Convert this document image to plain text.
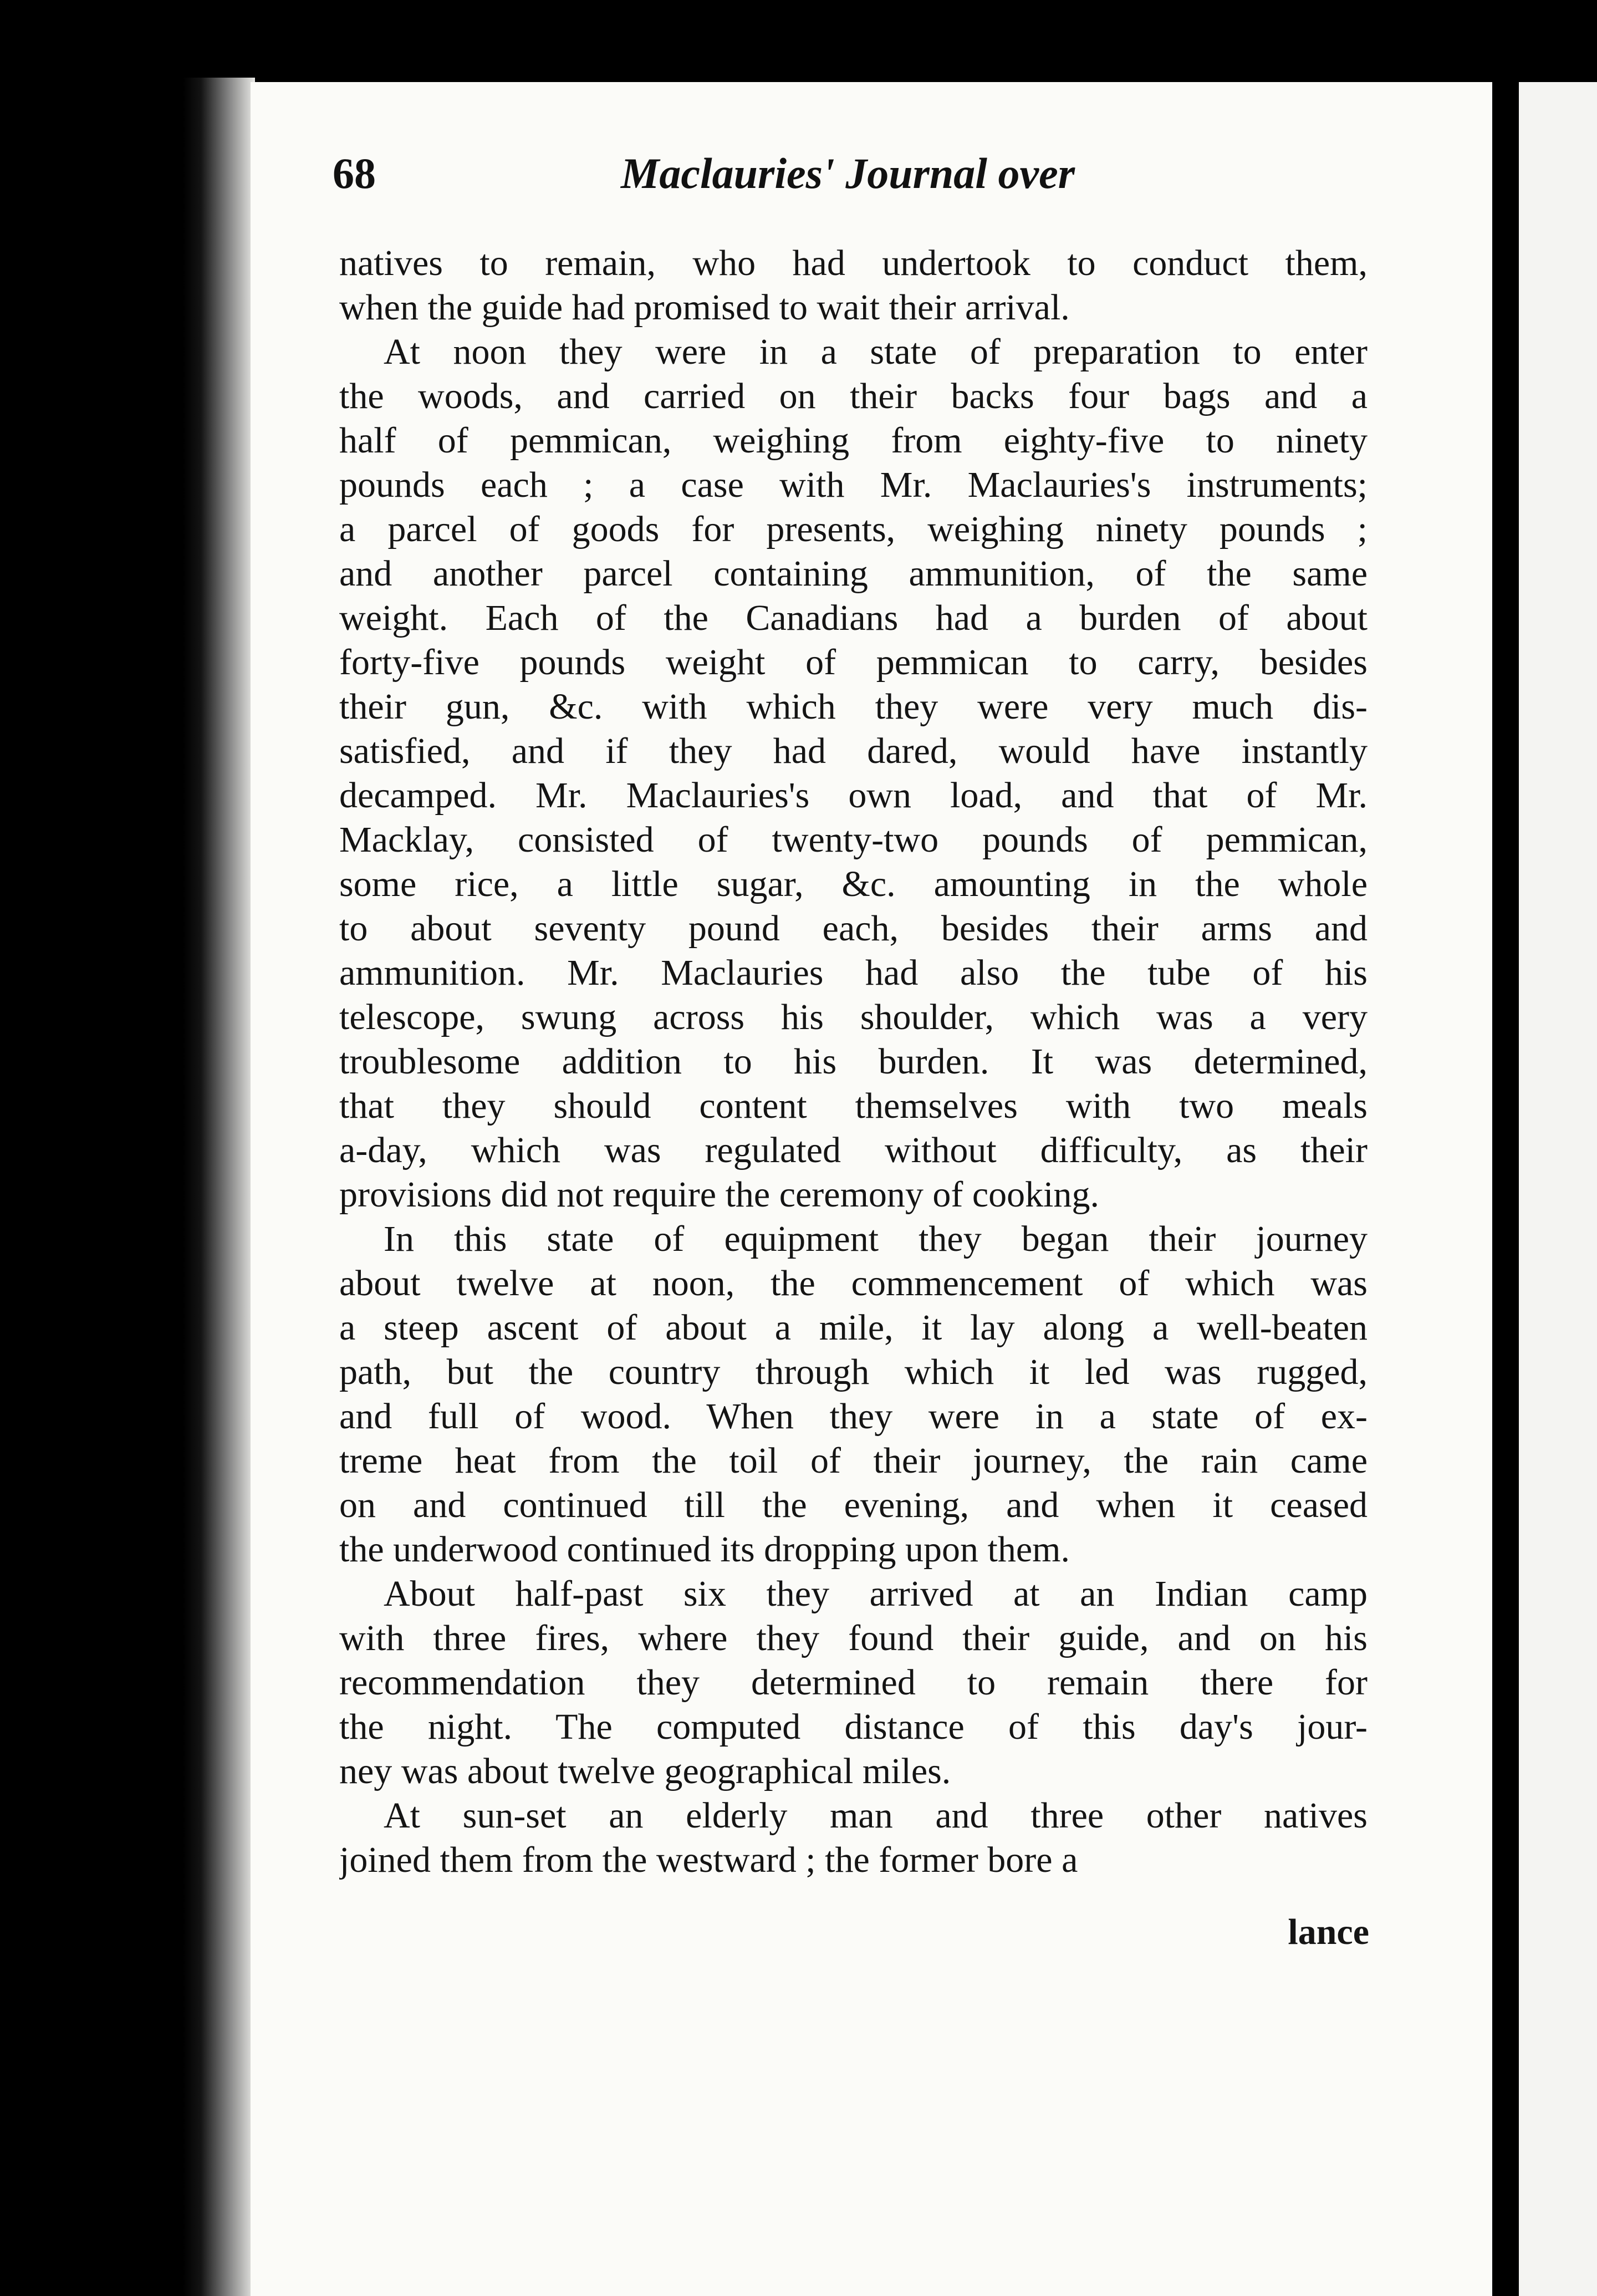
68	Maclauries' Journal over

natives to remain, who had undertook to conduct them,
when the guide had promised to wait their arrival.

At noon they were in a state of preparation to enter
the woods, and carried on their backs four bags and a
half of pemmican, weighing from eighty-five to ninety
pounds each ; a case with Mr. Maclauries's instruments;
a parcel of goods for presents, weighing ninety pounds ;
and another parcel containing ammunition, of the same
weight. Each of the Canadians had a burden of about
forty-five pounds weight of pemmican to carry, besides
their gun, &c. with which they were very much dis-
satisfied, and if they had dared, would have instantly
decamped. Mr. Maclauries's own load, and that of Mr.
Macklay, consisted of twenty-two pounds of pemmican,
some rice, a little sugar, &c. amounting in the whole
to about seventy pound each, besides their arms and
ammunition. Mr. Maclauries had also the tube of his
telescope, swung across his shoulder, which was a very
troublesome addition to his burden. It was determined,
that they should content themselves with two meals
a-day, which was regulated without difficulty, as their
provisions did not require the ceremony of cooking.

In this state of equipment they began their journey
about twelve at noon, the commencement of which was
a steep ascent of about a mile, it lay along a well-beaten
path, but the country through which it led was rugged,
and full of wood. When they were in a state of ex-
treme heat from the toil of their journey, the rain came
on and continued till the evening, and when it ceased
the underwood continued its dropping upon them.

About half-past six they arrived at an Indian camp
with three fires, where they found their guide, and on his
recommendation they determined to remain there for
the night. The computed distance of this day's jour-
ney was about twelve geographical miles.

At sun-set an elderly man and three other natives
joined them from the westward ; the former bore a

lance
